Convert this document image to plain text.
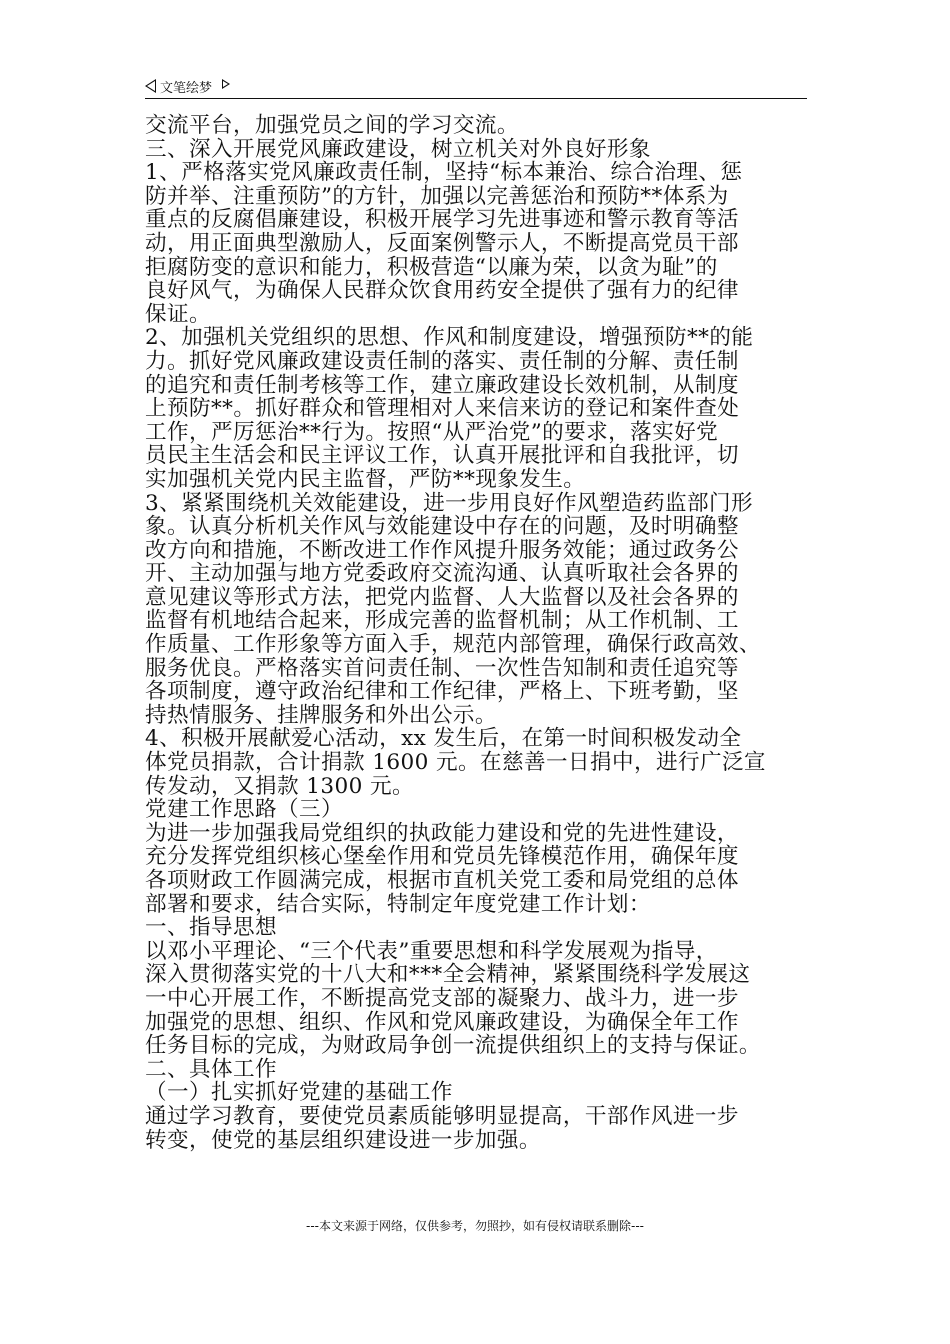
文笔绘梦
交流平台，加强党员之间的学习交流。
三、深入开展党风廉政建设，树立机关对外良好形象
1、严格落实党风廉政责任制，坚持“标本兼治、综合治理、惩
防并举、注重预防”的方针，加强以完善惩治和预防**体系为
重点的反腐倡廉建设，积极开展学习先进事迹和警示教育等活
动，用正面典型激励人，反面案例警示人，不断提高党员干部
拒腐防变的意识和能力，积极营造“以廉为荣，以贪为耻”的
良好风气，为确保人民群众饮食用药安全提供了强有力的纪律
保证。
2、加强机关党组织的思想、作风和制度建设，增强预防**的能
力。抓好党风廉政建设责任制的落实、责任制的分解、责任制
的追究和责任制考核等工作，建立廉政建设长效机制，从制度
上预防**。抓好群众和管理相对人来信来访的登记和案件查处
工作，严厉惩治**行为。按照“从严治党”的要求，落实好党
员民主生活会和民主评议工作，认真开展批评和自我批评，切
实加强机关党内民主监督，严防**现象发生。
3、紧紧围绕机关效能建设，进一步用良好作风塑造药监部门形
象。认真分析机关作风与效能建设中存在的问题，及时明确整
改方向和措施，不断改进工作作风提升服务效能；通过政务公
开、主动加强与地方党委政府交流沟通、认真听取社会各界的
意见建议等形式方法，把党内监督、人大监督以及社会各界的
监督有机地结合起来，形成完善的监督机制；从工作机制、工
作质量、工作形象等方面入手，规范内部管理，确保行政高效、
服务优良。严格落实首问责任制、一次性告知制和责任追究等
各项制度，遵守政治纪律和工作纪律，严格上、下班考勤，坚
持热情服务、挂牌服务和外出公示。
4、积极开展献爱心活动，xx 发生后，在第一时间积极发动全
体党员捐款，合计捐款 1600 元。在慈善一日捐中，进行广泛宣
传发动，又捐款 1300 元。
党建工作思路（三）
为进一步加强我局党组织的执政能力建设和党的先进性建设，
充分发挥党组织核心堡垒作用和党员先锋模范作用，确保年度
各项财政工作圆满完成，根据市直机关党工委和局党组的总体
部署和要求，结合实际，特制定年度党建工作计划：
一、指导思想
以邓小平理论、“三个代表”重要思想和科学发展观为指导，
深入贯彻落实党的十八大和***全会精神，紧紧围绕科学发展这
一中心开展工作，不断提高党支部的凝聚力、战斗力，进一步
加强党的思想、组织、作风和党风廉政建设，为确保全年工作
任务目标的完成，为财政局争创一流提供组织上的支持与保证。
二、具体工作
（一）扎实抓好党建的基础工作
通过学习教育，要使党员素质能够明显提高，干部作风进一步
转变，使党的基层组织建设进一步加强。
---本文来源于网络，仅供参考，勿照抄，如有侵权请联系删除---
